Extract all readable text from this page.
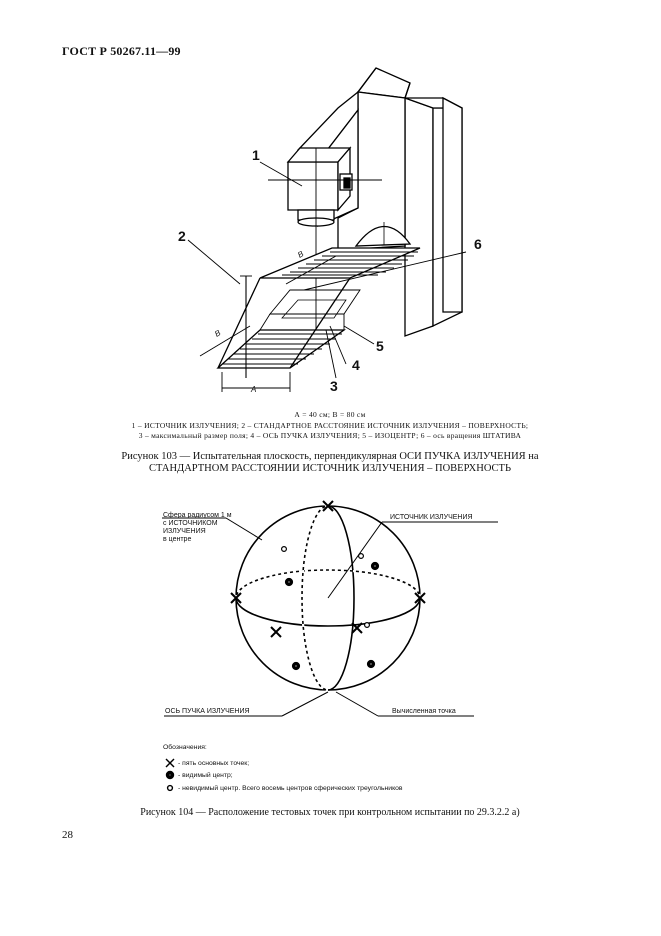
ГОСТ Р 50267.11—99
1
2
3
4
5
6
А
В
В
А = 40 см; В = 80 см
1 – ИСТОЧНИК ИЗЛУЧЕНИЯ; 2 – СТАНДАРТНОЕ РАССТОЯНИЕ ИСТОЧНИК ИЗЛУЧЕНИЯ – ПОВЕРХНОСТЬ;
3 – максимальный размер поля; 4 – ОСЬ ПУЧКА ИЗЛУЧЕНИЯ; 5 – ИЗОЦЕНТР; 6 – ось вращения ШТАТИВА
Рисунок 103 — Испытательная плоскость, перпендикулярная ОСИ ПУЧКА ИЗЛУЧЕНИЯ на
СТАНДАРТНОМ РАССТОЯНИИ ИСТОЧНИК ИЗЛУЧЕНИЯ – ПОВЕРХНОСТЬ
Сфера радиусом 1 м
с ИСТОЧНИКОМ
ИЗЛУЧЕНИЯ
в центре
ИСТОЧНИК ИЗЛУЧЕНИЯ
ОСЬ ПУЧКА ИЗЛУЧЕНИЯ	Вычисленная точка
Обозначения:
- пять основных точек;
- видимый центр;
- невидимый центр. Всего восемь центров сферических треугольников
Рисунок 104 — Расположение тестовых точек при контрольном испытании по 29.3.2.2 а)
28
